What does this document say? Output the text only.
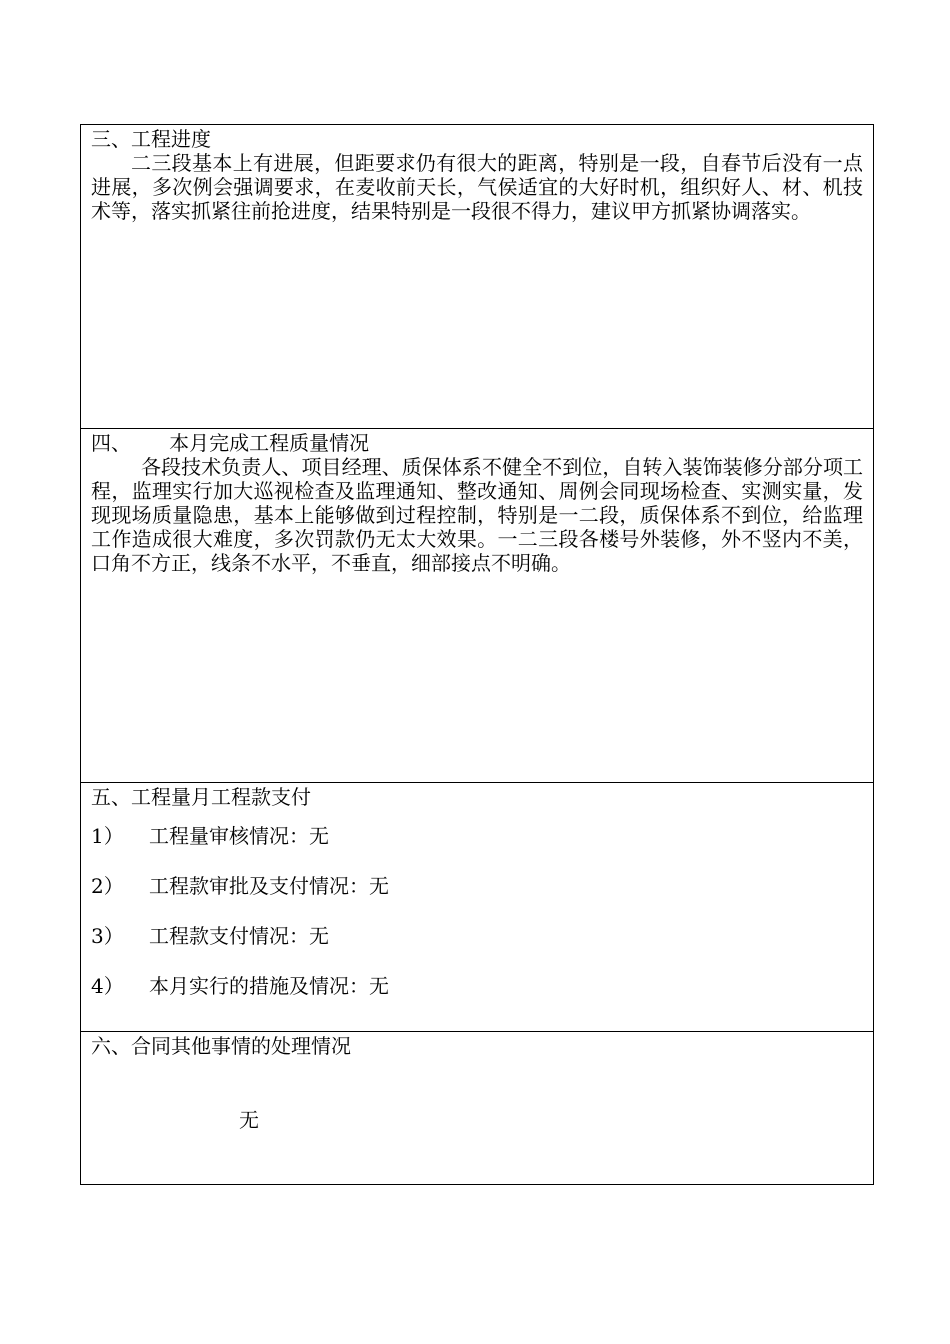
三、工程进度

二三段基本上有进展，但距要求仍有很大的距离，特别是一段，自春节后没有一点进展，多次例会强调要求，在麦收前天长，气侯适宜的大好时机，组织好人、材、机技术等，落实抓紧往前抢进度，结果特别是一段很不得力，建议甲方抓紧协调落实。

四、      本月完成工程质量情况

各段技术负责人、项目经理、质保体系不健全不到位，自转入装饰装修分部分项工程，监理实行加大巡视检查及监理通知、整改通知、周例会同现场检查、实测实量，发现现场质量隐患，基本上能够做到过程控制，特别是一二段，质保体系不到位，给监理工作造成很大难度，多次罚款仍无太大效果。一二三段各楼号外装修，外不竖内不美，口角不方正，线条不水平，不垂直，细部接点不明确。

五、工程量月工程款支付
1） 工程量审核情况：无
2） 工程款审批及支付情况：无
3） 工程款支付情况：无
4） 本月实行的措施及情况：无
六、合同其他事情的处理情况
无
